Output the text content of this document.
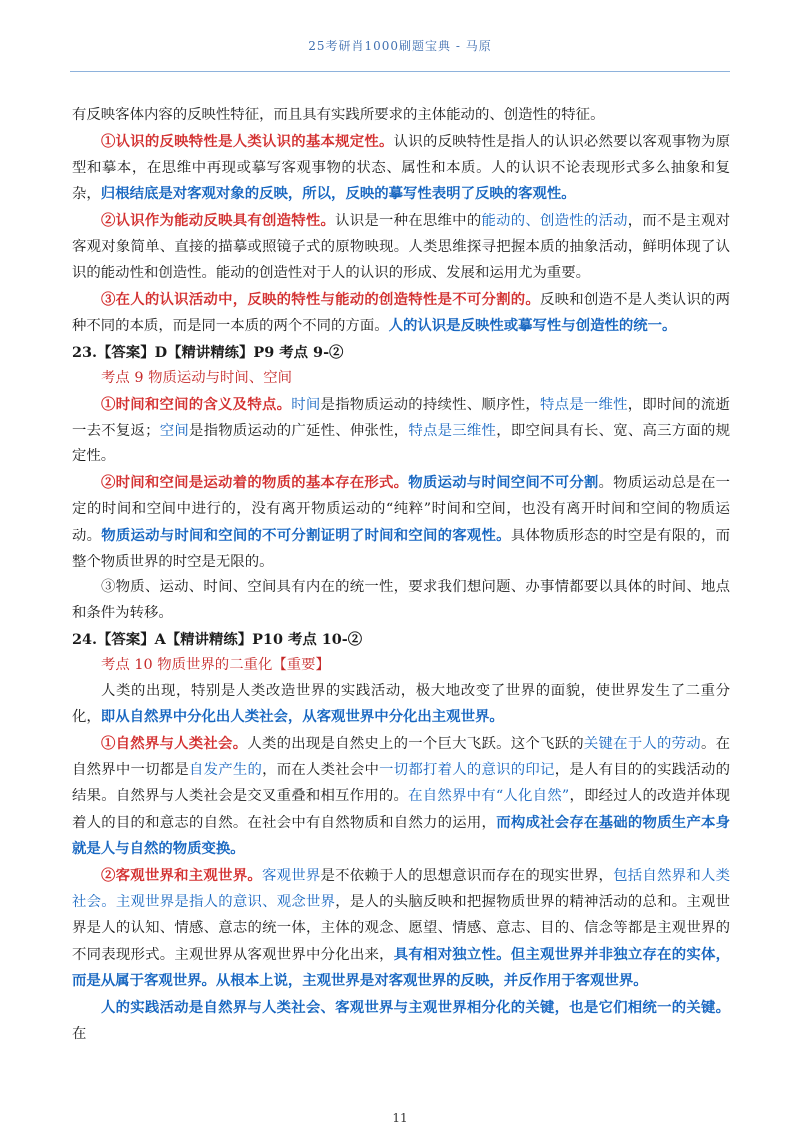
25考研肖1000刷题宝典 - 马原

有反映客体内容的反映性特征，而且具有实践所要求的主体能动的、创造性的特征。

①认识的反映特性是人类认识的基本规定性。认识的反映特性是指人的认识必然要以客观事物为原型和摹本，在思维中再现或摹写客观事物的状态、属性和本质。人的认识不论表现形式多么抽象和复杂，归根结底是对客观对象的反映，所以，反映的摹写性表明了反映的客观性。

②认识作为能动反映具有创造特性。认识是一种在思维中的能动的、创造性的活动，而不是主观对客观对象简单、直接的描摹或照镜子式的原物映现。人类思维探寻把握本质的抽象活动，鲜明体现了认识的能动性和创造性。能动的创造性对于人的认识的形成、发展和运用尤为重要。

③在人的认识活动中，反映的特性与能动的创造特性是不可分割的。反映和创造不是人类认识的两种不同的本质，而是同一本质的两个不同的方面。人的认识是反映性或摹写性与创造性的统一。

23.【答案】D【精讲精练】P9 考点 9-②

考点 9 物质运动与时间、空间

①时间和空间的含义及特点。时间是指物质运动的持续性、顺序性，特点是一维性，即时间的流逝一去不复返；空间是指物质运动的广延性、伸张性，特点是三维性，即空间具有长、宽、高三方面的规定性。

②时间和空间是运动着的物质的基本存在形式。物质运动与时间空间不可分割。物质运动总是在一定的时间和空间中进行的，没有离开物质运动的“纯粹”时间和空间，也没有离开时间和空间的物质运动。物质运动与时间和空间的不可分割证明了时间和空间的客观性。具体物质形态的时空是有限的，而整个物质世界的时空是无限的。

③物质、运动、时间、空间具有内在的统一性，要求我们想问题、办事情都要以具体的时间、地点和条件为转移。

24.【答案】A【精讲精练】P10 考点 10-②

考点 10 物质世界的二重化【重要】

人类的出现，特别是人类改造世界的实践活动，极大地改变了世界的面貌，使世界发生了二重分化，即从自然界中分化出人类社会，从客观世界中分化出主观世界。

①自然界与人类社会。人类的出现是自然史上的一个巨大飞跃。这个飞跃的关键在于人的劳动。在自然界中一切都是自发产生的，而在人类社会中一切都打着人的意识的印记，是人有目的的实践活动的结果。自然界与人类社会是交叉重叠和相互作用的。在自然界中有“人化自然”，即经过人的改造并体现着人的目的和意志的自然。在社会中有自然物质和自然力的运用，而构成社会存在基础的物质生产本身就是人与自然的物质变换。

②客观世界和主观世界。客观世界是不依赖于人的思想意识而存在的现实世界，包括自然界和人类社会。主观世界是指人的意识、观念世界，是人的头脑反映和把握物质世界的精神活动的总和。主观世界是人的认知、情感、意志的统一体，主体的观念、愿望、情感、意志、目的、信念等都是主观世界的不同表现形式。主观世界从客观世界中分化出来，具有相对独立性。但主观世界并非独立存在的实体，而是从属于客观世界。从根本上说，主观世界是对客观世界的反映，并反作用于客观世界。

人的实践活动是自然界与人类社会、客观世界与主观世界相分化的关键，也是它们相统一的关键。在

11
